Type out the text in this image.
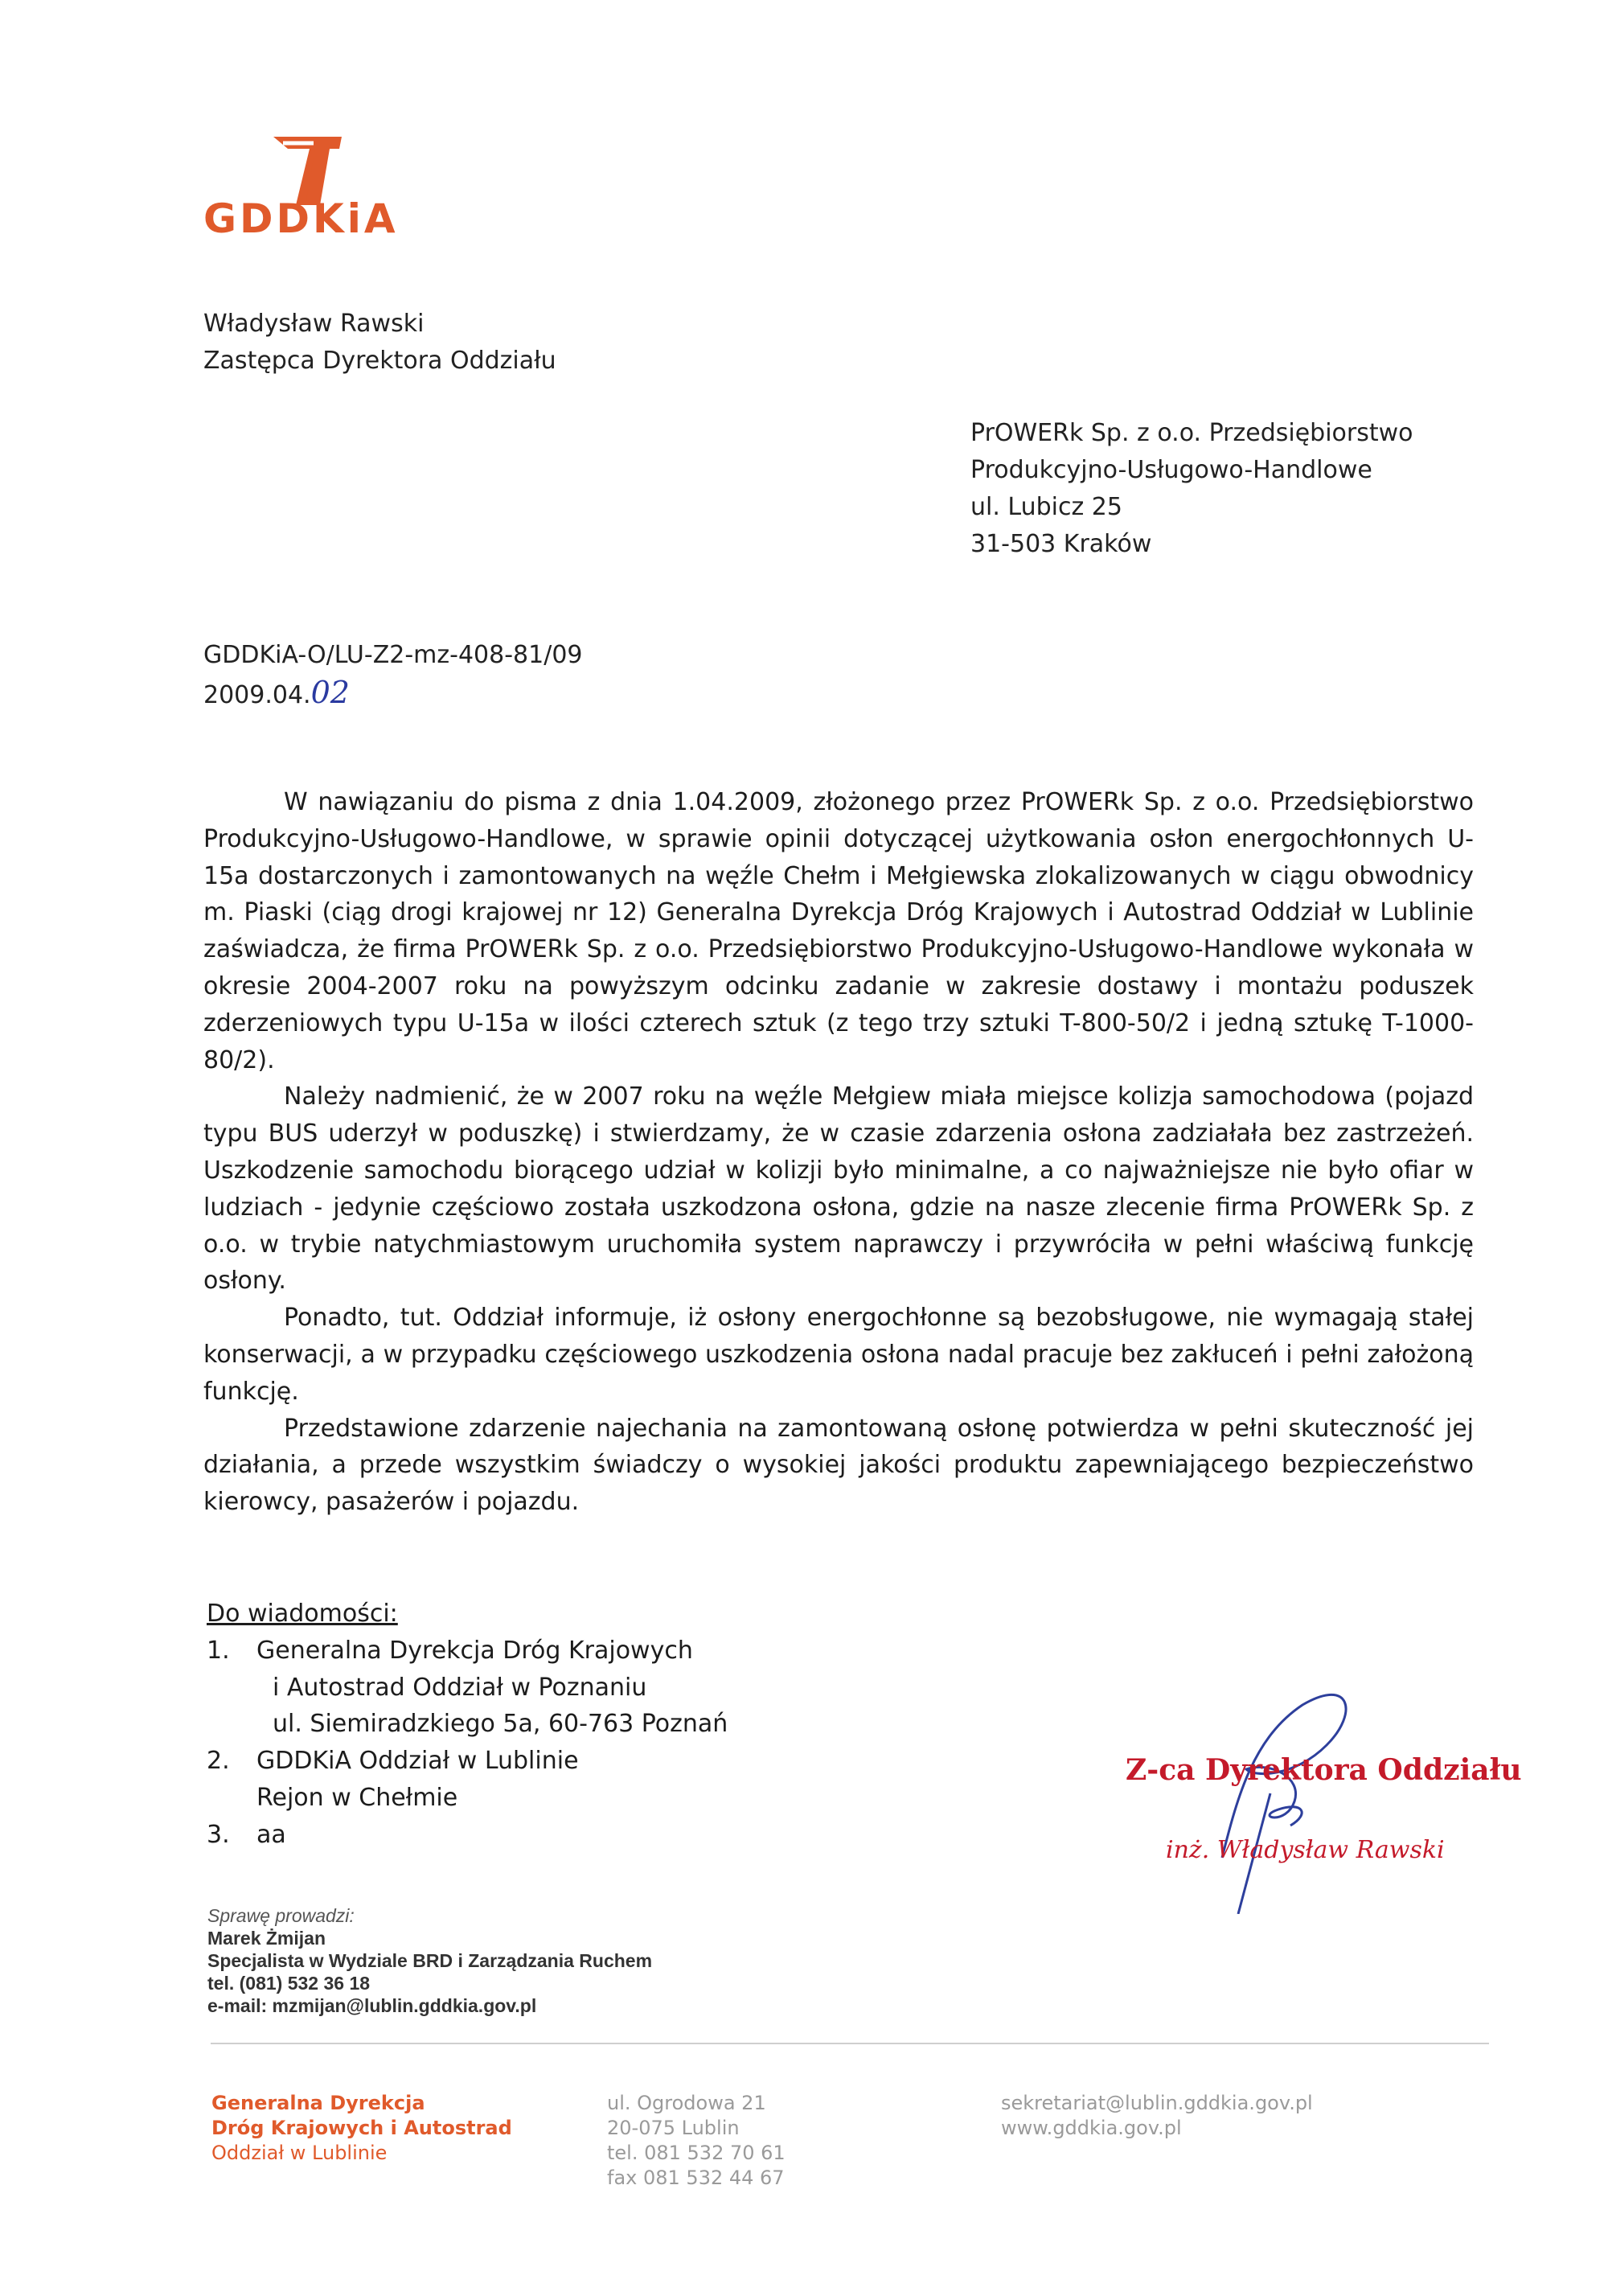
GDDKiA
Władysław Rawski
Zastępca Dyrektora Oddziału
PrOWERk Sp. z o.o. Przedsiębiorstwo
Produkcyjno-Usługowo-Handlowe
ul. Lubicz 25
31-503 Kraków
GDDKiA-O/LU-Z2-mz-408-81/09
2009.04.02

W nawiązaniu do pisma z dnia 1.04.2009, złożonego przez PrOWERk Sp. z o.o. Przedsiębiorstwo Produkcyjno-Usługowo-Handlowe, w sprawie opinii dotyczącej użytkowania osłon energochłonnych U-15a dostarczonych i zamontowanych na węźle Chełm i Mełgiewska zlokalizowanych w ciągu obwodnicy m. Piaski (ciąg drogi krajowej nr 12) Generalna Dyrekcja Dróg Krajowych i Autostrad Oddział w Lublinie zaświadcza, że firma PrOWERk Sp. z o.o. Przedsiębiorstwo Produkcyjno-Usługowo-Handlowe wykonała w okresie 2004-2007 roku na powyższym odcinku zadanie w zakresie dostawy i montażu poduszek zderzeniowych typu U-15a w ilości czterech sztuk (z tego trzy sztuki T-800-50/2 i jedną sztukę T-1000-80/2).

Należy nadmienić, że w 2007 roku na węźle Mełgiew miała miejsce kolizja samochodowa (pojazd typu BUS uderzył w poduszkę) i stwierdzamy, że w czasie zdarzenia osłona zadziałała bez zastrzeżeń. Uszkodzenie samochodu biorącego udział w kolizji było minimalne, a co najważniejsze nie było ofiar w ludziach - jedynie częściowo została uszkodzona osłona, gdzie na nasze zlecenie firma PrOWERk Sp. z o.o. w trybie natychmiastowym uruchomiła system naprawczy i przywróciła w pełni właściwą funkcję osłony.

Ponadto, tut. Oddział informuje, iż osłony energochłonne są bezobsługowe, nie wymagają stałej konserwacji, a w przypadku częściowego uszkodzenia osłona nadal pracuje bez zakłuceń i pełni założoną funkcję.

Przedstawione zdarzenie najechania na zamontowaną osłonę potwierdza w pełni skuteczność jej działania, a przede wszystkim świadczy o wysokiej jakości produktu zapewniającego bezpieczeństwo kierowcy, pasażerów i pojazdu.

Do wiadomości:
1.	Generalna Dyrekcja Dróg Krajowych
i Autostrad Oddział w Poznaniu
ul. Siemiradzkiego 5a, 60-763 Poznań
2.	GDDKiA Oddział w Lublinie
Rejon w Chełmie
3.	aa
Z-ca Dyrektora Oddziału
inż. Władysław Rawski
Sprawę prowadzi:
Marek Żmijan
Specjalista w Wydziale BRD i Zarządzania Ruchem
tel. (081) 532 36 18
e-mail: mzmijan@lublin.gddkia.gov.pl
Generalna Dyrekcja
Dróg Krajowych i Autostrad
Oddział w Lublinie
ul. Ogrodowa 21
20-075 Lublin
tel. 081 532 70 61
fax 081 532 44 67
sekretariat@lublin.gddkia.gov.pl
www.gddkia.gov.pl
